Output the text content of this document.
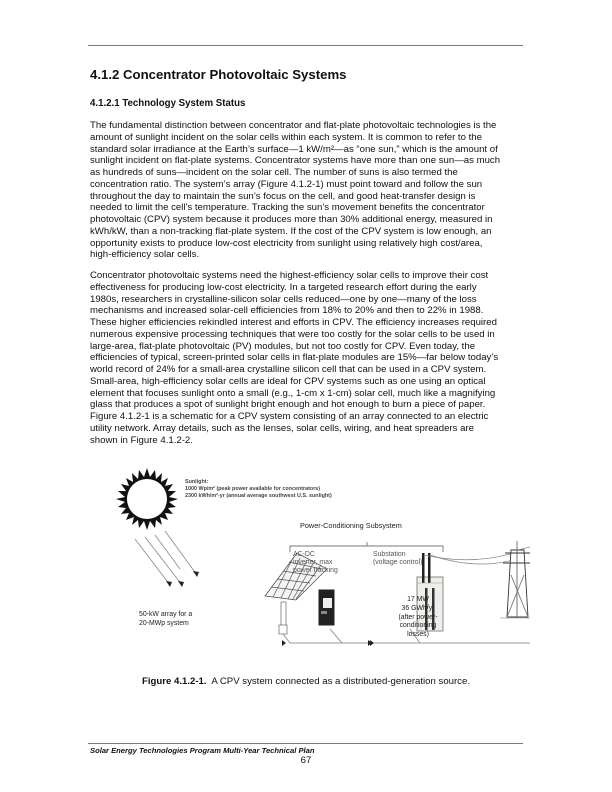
4.1.2 Concentrator Photovoltaic Systems
4.1.2.1 Technology System Status

The fundamental distinction between concentrator and flat-plate photovoltaic technologies is the
amount of sunlight incident on the solar cells within each system. It is common to refer to the
standard solar irradiance at the Earth’s surface—1 kW/m²—as “one sun,” which is the amount of
sunlight incident on flat-plate systems. Concentrator systems have more than one sun—as much
as hundreds of suns—incident on the solar cell. The number of suns is also termed the
concentration ratio. The system’s array (Figure 4.1.2-1) must point toward and follow the sun
throughout the day to maintain the sun’s focus on the cell, and good heat-transfer design is
needed to limit the cell’s temperature. Tracking the sun’s movement benefits the concentrator
photovoltaic (CPV) system because it produces more than 30% additional energy, measured in
kWh/kW, than a non-tracking flat-plate system. If the cost of the CPV system is low enough, an
opportunity exists to produce low-cost electricity from sunlight using relatively high cost/area,
high-efficiency solar cells.

Concentrator photovoltaic systems need the highest-efficiency solar cells to improve their cost
effectiveness for producing low-cost electricity. In a targeted research effort during the early
1980s, researchers in crystalline-silicon solar cells reduced—one by one—many of the loss
mechanisms and increased solar-cell efficiencies from 18% to 20% and then to 22% in 1988.
These higher efficiencies rekindled interest and efforts in CPV. The efficiency increases required
numerous expensive processing techniques that were too costly for the solar cells to be used in
large-area, flat-plate photovoltaic (PV) modules, but not too costly for CPV. Even today, the
efficiencies of typical, screen-printed solar cells in flat-plate modules are 15%—far below today’s
world record of 24% for a small-area crystalline silicon cell that can be used in a CPV system.
Small-area, high-efficiency solar cells are ideal for CPV systems such as one using an optical
element that focuses sunlight onto a small (e.g., 1-cm x 1-cm) solar cell, much like a magnifying
glass that produces a spot of sunlight bright enough and hot enough to burn a piece of paper.
Figure 4.1.2-1 is a schematic for a CPV system consisting of an array connected to an electric
utility network. Array details, such as the lenses, solar cells, wiring, and heat spreaders are
shown in Figure 4.1.2-2.

Sunlight:
1000 Wp/m² (peak power available for concentrators)
2300 kWh/m²-yr (annual average southwest U.S. sunlight)
Power-Conditioning Subsystem
AC-DC
inverter, max
power tracking
Substation
(voltage control)
50-kW array for a
20-MWp system
17 MW
36 GWh/yr
(after power-
conditioning
losses)
Figure 4.1.2-1. A CPV system connected as a distributed-generation source.
Solar Energy Technologies Program Multi-Year Technical Plan
67
